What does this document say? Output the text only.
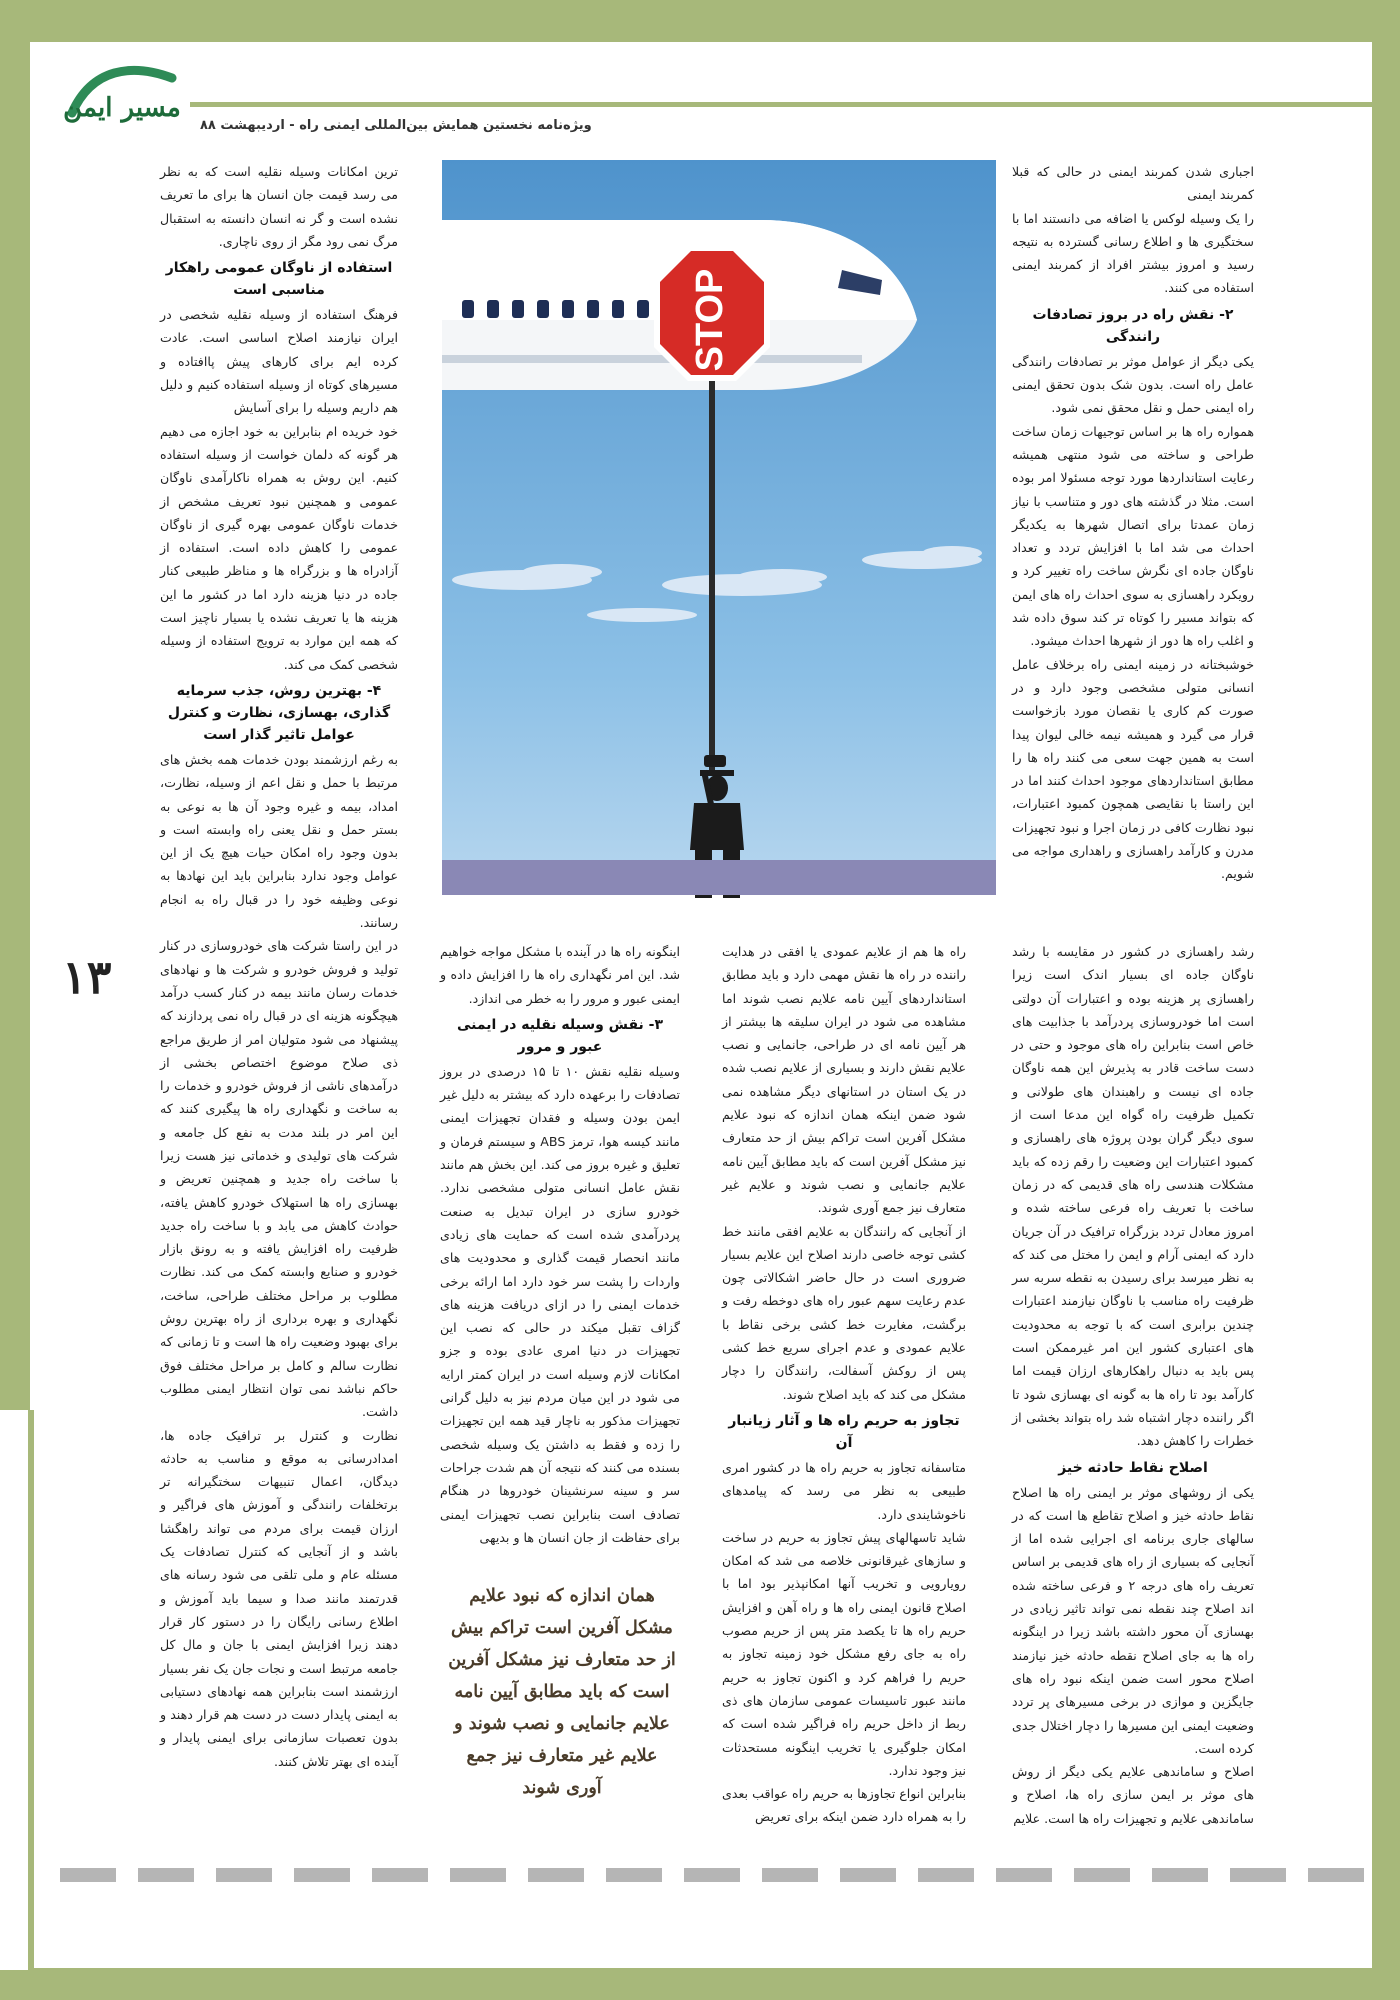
مسیر ایمن
ویژه‌نامه نخستین همایش بین‌المللی ایمنی راه - اردیبهشت ۸۸
۱۳
STOP

ترین امکانات وسیله نقلیه است که به نظر می رسد قیمت جان انسان ها برای ما تعریف نشده است و گر نه انسان دانسته به استقبال مرگ نمی رود مگر از روی ناچاری.

استفاده از ناوگان عمومی راهکار مناسبی است

فرهنگ استفاده از وسیله نقلیه شخصی در ایران نیازمند اصلاح اساسی است. عادت کرده ایم برای کارهای پیش پاافتاده و مسیرهای کوتاه از وسیله استفاده کنیم و دلیل هم داریم وسیله را برای آسایش

خود خریده ام بنابراین به خود اجازه می دهیم هر گونه که دلمان خواست از وسیله استفاده کنیم. این روش به همراه ناکارآمدی ناوگان عمومی و همچنین نبود تعریف مشخص از خدمات ناوگان عمومی بهره گیری از ناوگان عمومی را کاهش داده است. استفاده از آزادراه ها و بزرگراه ها و مناظر طبیعی کنار جاده در دنیا هزینه دارد اما در کشور ما این هزینه ها یا تعریف نشده یا بسیار ناچیز است که همه این موارد به ترویج استفاده از وسیله شخصی کمک می کند.

۴- بهترین روش، جذب سرمایه گذاری، بهسازی، نظارت و کنترل عوامل تاثیر گذار است

به رغم ارزشمند بودن خدمات همه بخش های مرتبط با حمل و نقل اعم از وسیله، نظارت، امداد، بیمه و غیره وجود آن ها به نوعی به بستر حمل و نقل یعنی راه وابسته است و بدون وجود راه امکان حیات هیچ یک از این عوامل وجود ندارد بنابراین باید این نهادها به نوعی وظیفه خود را در قبال راه به انجام رسانند.

در این راستا شرکت های خودروسازی در کنار تولید و فروش خودرو و شرکت ها و نهادهای خدمات رسان مانند بیمه در کنار کسب درآمد هیچگونه هزینه ای در قبال راه نمی پردازند که پیشنهاد می شود متولیان امر از طریق مراجع ذی صلاح موضوع اختصاص بخشی از درآمدهای ناشی از فروش خودرو و خدمات را به ساخت و نگهداری راه ها پیگیری کنند که این امر در بلند مدت به نفع کل جامعه و شرکت های تولیدی و خدماتی نیز هست زیرا با ساخت راه جدید و همچنین تعریض و بهسازی راه ها استهلاک خودرو کاهش یافته، حوادث کاهش می یابد و با ساخت راه جدید ظرفیت راه افزایش یافته و به رونق بازار خودرو و صنایع وابسته کمک می کند. نظارت مطلوب بر مراحل مختلف طراحی، ساخت، نگهداری و بهره برداری از راه بهترین روش برای بهبود وضعیت راه ها است و تا زمانی که نظارت سالم و کامل بر مراحل مختلف فوق حاکم نباشد نمی توان انتظار ایمنی مطلوب داشت.

نظارت و کنترل بر ترافیک جاده ها، امدادرسانی به موقع و مناسب به حادثه دیدگان، اعمال تنبیهات سختگیرانه تر برتخلفات رانندگی و آموزش های فراگیر و ارزان قیمت برای مردم می تواند راهگشا باشد و از آنجایی که کنترل تصادفات یک مسئله عام و ملی تلقی می شود رسانه های قدرتمند مانند صدا و سیما باید آموزش و اطلاع رسانی رایگان را در دستور کار قرار دهند زیرا افزایش ایمنی با جان و مال کل جامعه مرتبط است و نجات جان یک نفر بسیار ارزشمند است بنابراین همه نهادهای دستیابی به ایمنی پایدار دست در دست هم قرار دهند و بدون تعصبات سازمانی برای ایمنی پایدار و آینده ای بهتر تلاش کنند.

اجباری شدن کمربند ایمنی در حالی که قبلا کمربند ایمنی

را یک وسیله لوکس یا اضافه می دانستند اما با سختگیری ها و اطلاع رسانی گسترده به نتیجه رسید و امروز بیشتر افراد از کمربند ایمنی استفاده می کنند.

۲- نقش راه در بروز تصادفات رانندگی

یکی دیگر از عوامل موثر بر تصادفات رانندگی عامل راه است. بدون شک بدون تحقق ایمنی راه ایمنی حمل و نقل محقق نمی شود.

همواره راه ها بر اساس توجیهات زمان ساخت طراحی و ساخته می شود منتهی همیشه رعایت استانداردها مورد توجه مسئولا امر بوده است. مثلا در گذشته های دور و متناسب با نیاز زمان عمدتا برای اتصال شهرها به یکدیگر احداث می شد اما با افزایش تردد و تعداد ناوگان جاده ای نگرش ساخت راه تغییر کرد و رویکرد راهسازی به سوی احداث راه های ایمن که بتواند مسیر را کوتاه تر کند سوق داده شد و اغلب راه ها دور از شهرها احداث میشود.

خوشبختانه در زمینه ایمنی راه برخلاف عامل انسانی متولی مشخصی وجود دارد و در صورت کم کاری یا نقصان مورد بازخواست قرار می گیرد و همیشه نیمه خالی لیوان پیدا است به همین جهت سعی می کنند راه ها را مطابق استانداردهای موجود احداث کنند اما در این راستا با نقایصی همچون کمبود اعتبارات، نبود نظارت کافی در زمان اجرا و نبود تجهیزات مدرن و کارآمد راهسازی و راهداری مواجه می شویم.

اینگونه راه ها در آینده با مشکل مواجه خواهیم شد. این امر نگهداری راه ها را افزایش داده و ایمنی عبور و مرور را به خطر می اندازد.

۳- نقش وسیله نقلیه در ایمنی عبور و مرور

وسیله نقلیه نقش ۱۰ تا ۱۵ درصدی در بروز تصادفات را برعهده دارد که بیشتر به دلیل غیر ایمن بودن وسیله و فقدان تجهیزات ایمنی مانند کیسه هوا، ترمز ABS و سیستم فرمان و تعلیق و غیره بروز می کند. این بخش هم مانند نقش عامل انسانی متولی مشخصی ندارد. خودرو سازی در ایران تبدیل به صنعت پردرآمدی شده است که حمایت های زیادی مانند انحصار قیمت گذاری و محدودیت های واردات را پشت سر خود دارد اما ارائه برخی خدمات ایمنی را در ازای دریافت هزینه های گزاف تقبل میکند در حالی که نصب این تجهیزات در دنیا امری عادی بوده و جزو امکانات لازم وسیله است در ایران کمتر ارایه می شود در این میان مردم نیز به دلیل گرانی تجهیزات مذکور به ناچار قید همه این تجهیزات را زده و فقط به داشتن یک وسیله شخصی بسنده می کنند که نتیجه آن هم شدت جراحات سر و سینه سرنشینان خودروها در هنگام تصادف است بنابراین نصب تجهیزات ایمنی برای حفاظت از جان انسان ها و بدیهی

راه ها هم از علایم عمودی یا افقی در هدایت راننده در راه ها نقش مهمی دارد و باید مطابق استانداردهای آیین نامه علایم نصب شوند اما مشاهده می شود در ایران سلیقه ها بیشتر از هر آیین نامه ای در طراحی، جانمایی و نصب علایم نقش دارند و بسیاری از علایم نصب شده در یک استان در استانهای دیگر مشاهده نمی شود ضمن اینکه همان اندازه که نبود علایم مشکل آفرین است تراکم بیش از حد متعارف نیز مشکل آفرین است که باید مطابق آیین نامه علایم جانمایی و نصب شوند و علایم غیر متعارف نیز جمع آوری شوند.

از آنجایی که رانندگان به علایم افقی مانند خط کشی توجه خاصی دارند اصلاح این علایم بسیار ضروری است در حال حاضر اشکالاتی چون عدم رعایت سهم عبور راه های دوخطه رفت و برگشت، مغایرت خط کشی برخی نقاط با علایم عمودی و عدم اجرای سریع خط کشی پس از روکش آسفالت، رانندگان را دچار مشکل می کند که باید اصلاح شوند.

تجاوز به حریم راه ها و آثار زیانبار آن

متاسفانه تجاوز به حریم راه ها در کشور امری طبیعی به نظر می رسد که پیامدهای ناخوشایندی دارد.

شاید تاسهالهای پیش تجاوز به حریم در ساخت و سازهای غیرقانونی خلاصه می شد که امکان رویارویی و تخریب آنها امکانپذیر بود اما با اصلاح قانون ایمنی راه ها و راه آهن و افزایش حریم راه ها تا یکصد متر پس از حریم مصوب راه به جای رفع مشکل خود زمینه تجاوز به حریم را فراهم کرد و اکنون تجاوز به حریم مانند عبور تاسیسات عمومی سازمان های ذی ربط از داخل حریم راه فراگیر شده است که امکان جلوگیری یا تخریب اینگونه مستحدثات نیز وجود ندارد.

بنابراین انواع تجاوزها به حریم راه عواقب بعدی را به همراه دارد ضمن اینکه برای تعریض

رشد راهسازی در کشور در مقایسه با رشد ناوگان جاده ای بسیار اندک است زیرا راهسازی پر هزینه بوده و اعتبارات آن دولتی است اما خودروسازی پردرآمد با جذابیت های خاص است بنابراین راه های موجود و حتی در دست ساخت قادر به پذیرش این همه ناوگان جاده ای نیست و راهبندان های طولانی و تکمیل ظرفیت راه گواه این مدعا است از سوی دیگر گران بودن پروژه های راهسازی و کمبود اعتبارات این وضعیت را رقم زده که باید مشکلات هندسی راه های قدیمی که در زمان ساخت با تعریف راه فرعی ساخته شده و امروز معادل تردد بزرگراه ترافیک در آن جریان دارد که ایمنی آرام و ایمن را مختل می کند که به نظر میرسد برای رسیدن به نقطه سربه سر ظرفیت راه مناسب با ناوگان نیازمند اعتبارات چندین برابری است که با توجه به محدودیت های اعتباری کشور این امر غیرممکن است پس باید به دنبال راهکارهای ارزان قیمت اما کارآمد بود تا راه ها به گونه ای بهسازی شود تا اگر راننده دچار اشتباه شد راه بتواند بخشی از خطرات را کاهش دهد.

اصلاح نقاط حادثه خیز

یکی از روشهای موثر بر ایمنی راه ها اصلاح نقاط حادثه خیز و اصلاح تقاطع ها است که در سالهای جاری برنامه ای اجرایی شده اما از آنجایی که بسیاری از راه های قدیمی بر اساس تعریف راه های درجه ۲ و فرعی ساخته شده اند اصلاح چند نقطه نمی تواند تاثیر زیادی در بهسازی آن محور داشته باشد زیرا در اینگونه راه ها به جای اصلاح نقطه حادثه خیز نیازمند اصلاح محور است ضمن اینکه نبود راه های جایگزین و موازی در برخی مسیرهای پر تردد وضعیت ایمنی این مسیرها را دچار اختلال جدی کرده است.

اصلاح و ساماندهی علایم یکی دیگر از روش های موثر بر ایمن سازی راه ها، اصلاح و ساماندهی علایم و تجهیزات راه ها است. علایم

همان اندازه که نبود علایم مشکل آفرین است تراکم بیش از حد متعارف نیز مشکل آفرین است که باید مطابق آیین نامه علایم جانمایی و نصب شوند و علایم غیر متعارف نیز جمع آوری شوند
